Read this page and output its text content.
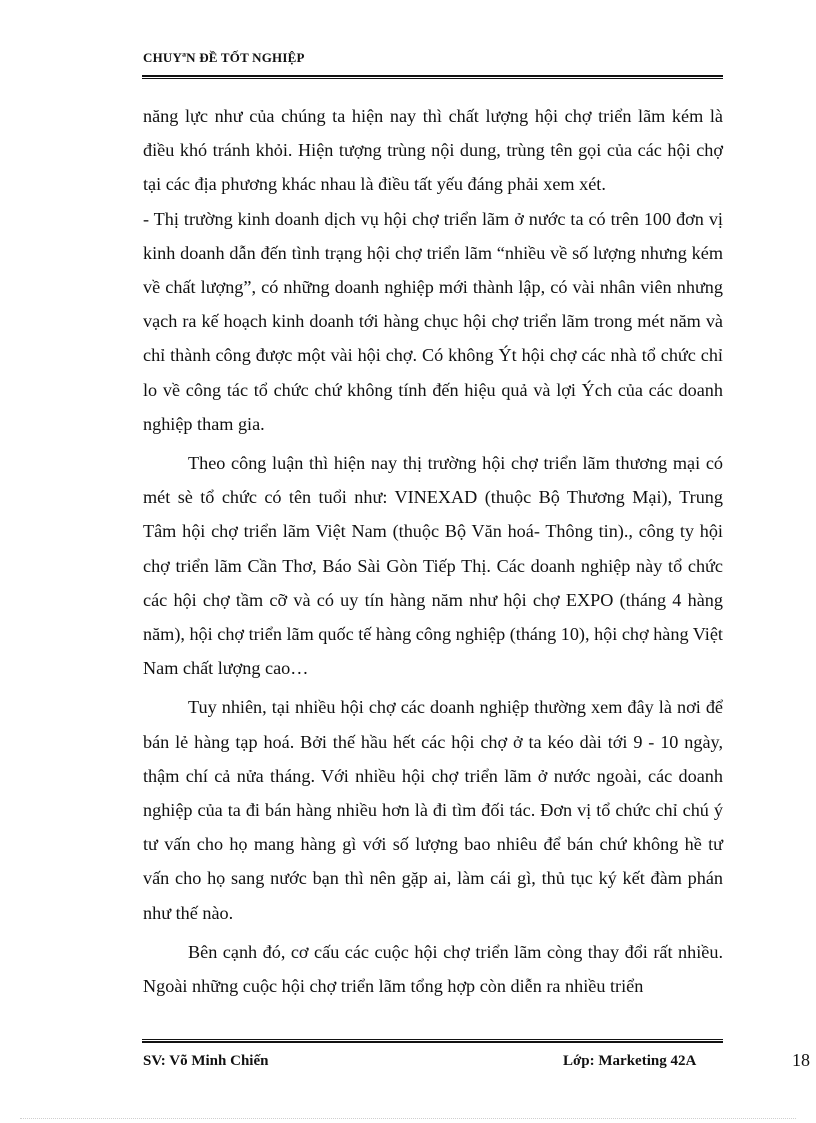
CHUYªN ĐỀ TỐT NGHIỆP

năng lực như của chúng ta hiện nay thì chất lượng hội chợ triển lãm kém là điều khó tránh khỏi. Hiện tượng trùng nội dung, trùng tên gọi của các hội chợ tại các địa phương khác nhau là điều tất yếu đáng phải xem xét.

- Thị trường kinh doanh dịch vụ hội chợ triển lãm ở nước ta có trên 100 đơn vị kinh doanh dẫn đến tình trạng hội chợ triển lãm “nhiều về số lượng nhưng kém về chất lượng”, có những doanh nghiệp mới thành lập, có vài nhân viên nhưng vạch ra kế hoạch kinh doanh tới hàng chục hội chợ triển lãm trong mét năm và chỉ thành công được một vài hội chợ. Có không Ýt hội chợ các nhà tổ chức chỉ lo về công tác tổ chức chứ không tính đến hiệu quả và lợi Ých của các doanh nghiệp tham gia.

Theo công luận thì hiện nay thị trường hội chợ triển lãm thương mại có mét sè tổ chức có tên tuổi như: VINEXAD (thuộc Bộ Thương Mại), Trung Tâm hội chợ triển lãm Việt Nam (thuộc Bộ Văn hoá- Thông tin)., công ty hội chợ triển lãm Cần Thơ, Báo Sài Gòn Tiếp Thị. Các doanh nghiệp này tổ chức các hội chợ tầm cỡ và có uy tín hàng năm như hội chợ EXPO (tháng 4 hàng năm), hội chợ triển lãm quốc tế hàng công nghiệp (tháng 10), hội chợ hàng Việt Nam chất lượng cao…

Tuy nhiên, tại nhiều hội chợ các doanh nghiệp thường xem đây là nơi để bán lẻ hàng tạp hoá. Bởi thế hầu hết các hội chợ ở ta kéo dài tới 9 - 10 ngày, thậm chí cả nửa tháng. Với nhiều hội chợ triển lãm ở nước ngoài, các doanh nghiệp của ta đi bán hàng nhiều hơn là đi tìm đối tác. Đơn vị tổ chức chỉ chú ý tư vấn cho họ mang hàng gì với số lượng bao nhiêu để bán chứ không hề tư vấn cho họ sang nước bạn thì nên gặp ai, làm cái gì, thủ tục ký kết đàm phán như thế nào.

Bên cạnh đó, cơ cấu các cuộc hội chợ triển lãm còng thay đổi rất nhiều. Ngoài những cuộc hội chợ triển lãm tổng hợp còn diễn ra nhiều triển

SV: Võ Minh Chiến	Lớp: Marketing 42A	18
